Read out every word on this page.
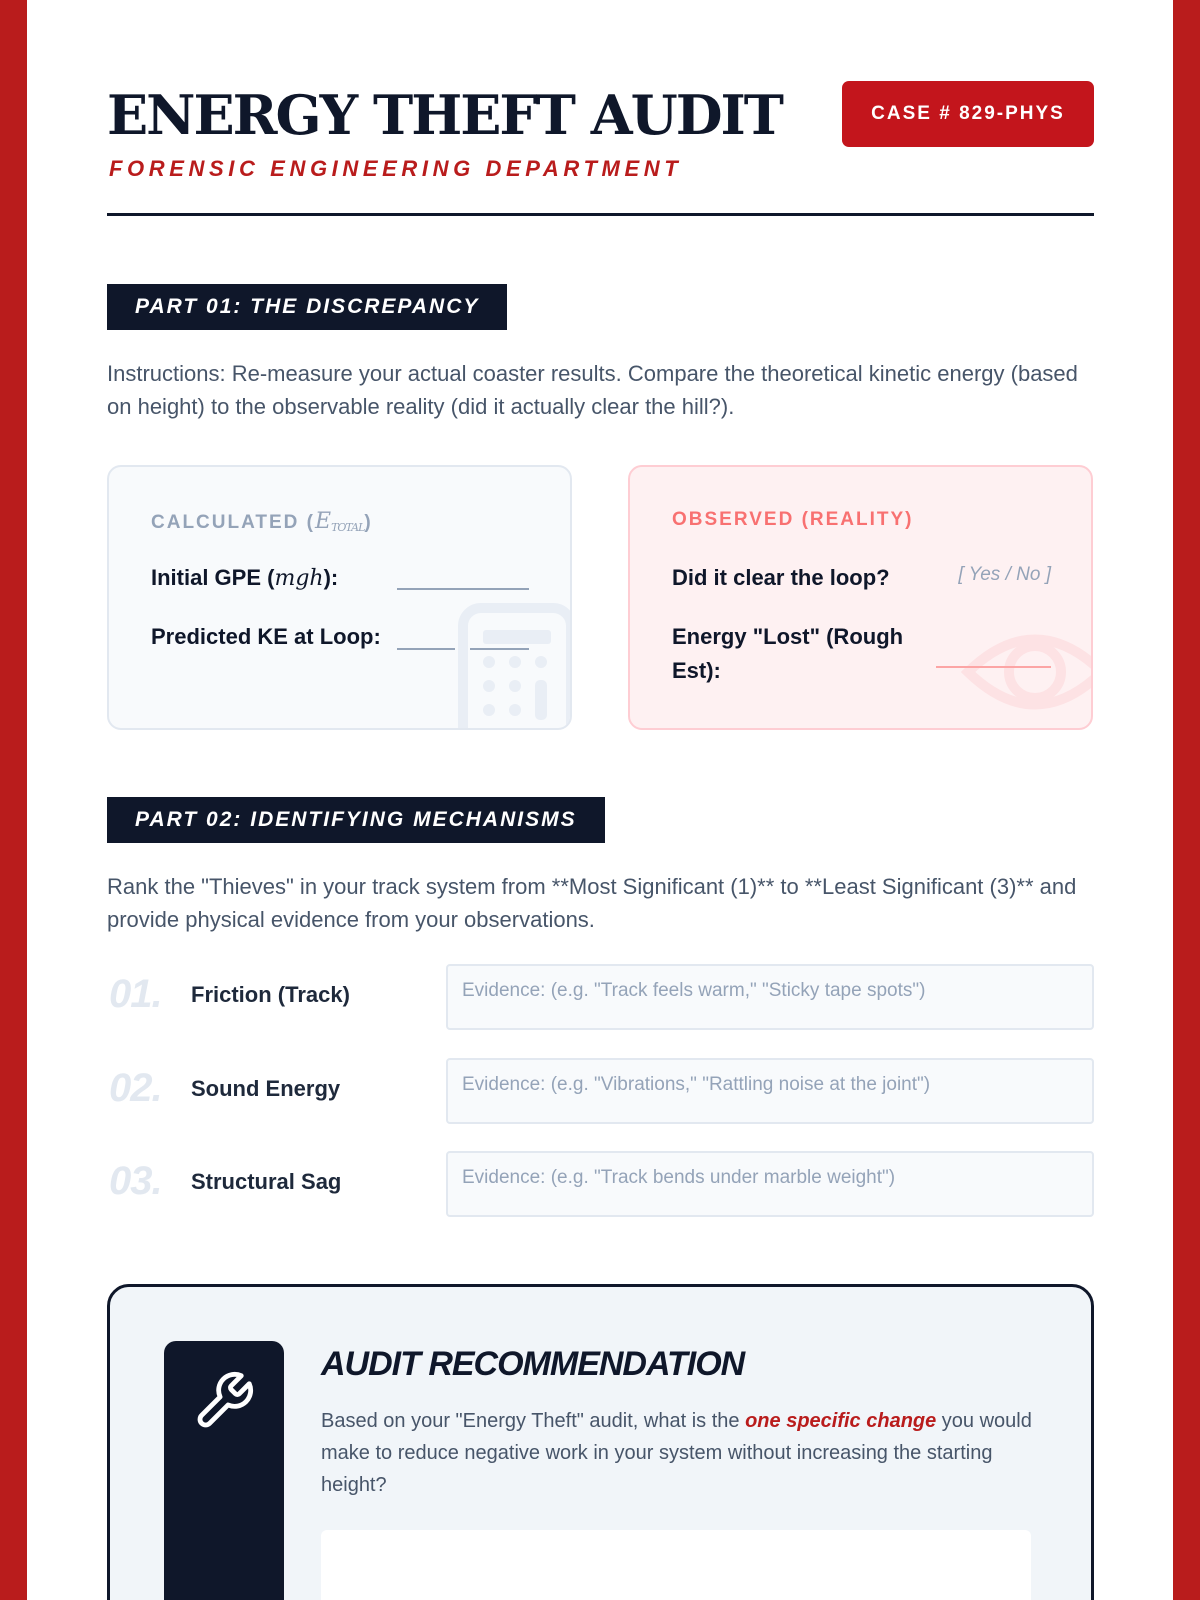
ENERGY THEFT AUDIT
FORENSIC ENGINEERING DEPARTMENT
CASE # 829-PHYS
PART 01: THE DISCREPANCY

Instructions: Re-measure your actual coaster results. Compare the theoretical kinetic energy (based on height) to the observable reality (did it actually clear the hill?).

CALCULATED (ETOTAL)
Initial GPE (mgh):
Predicted KE at Loop:
OBSERVED (REALITY)
Did it clear the loop?	[ Yes / No ]
Energy "Lost" (Rough Est):
PART 02: IDENTIFYING MECHANISMS

Rank the "Thieves" in your track system from **Most Significant (1)** to **Least Significant (3)** and provide physical evidence from your observations.

01. Friction (Track)	Evidence: (e.g. "Track feels warm," "Sticky tape spots")
02. Sound Energy	Evidence: (e.g. "Vibrations," "Rattling noise at the joint")
03. Structural Sag	Evidence: (e.g. "Track bends under marble weight")
AUDIT RECOMMENDATION

Based on your "Energy Theft" audit, what is the one specific change you would make to reduce negative work in your system without increasing the starting height?
